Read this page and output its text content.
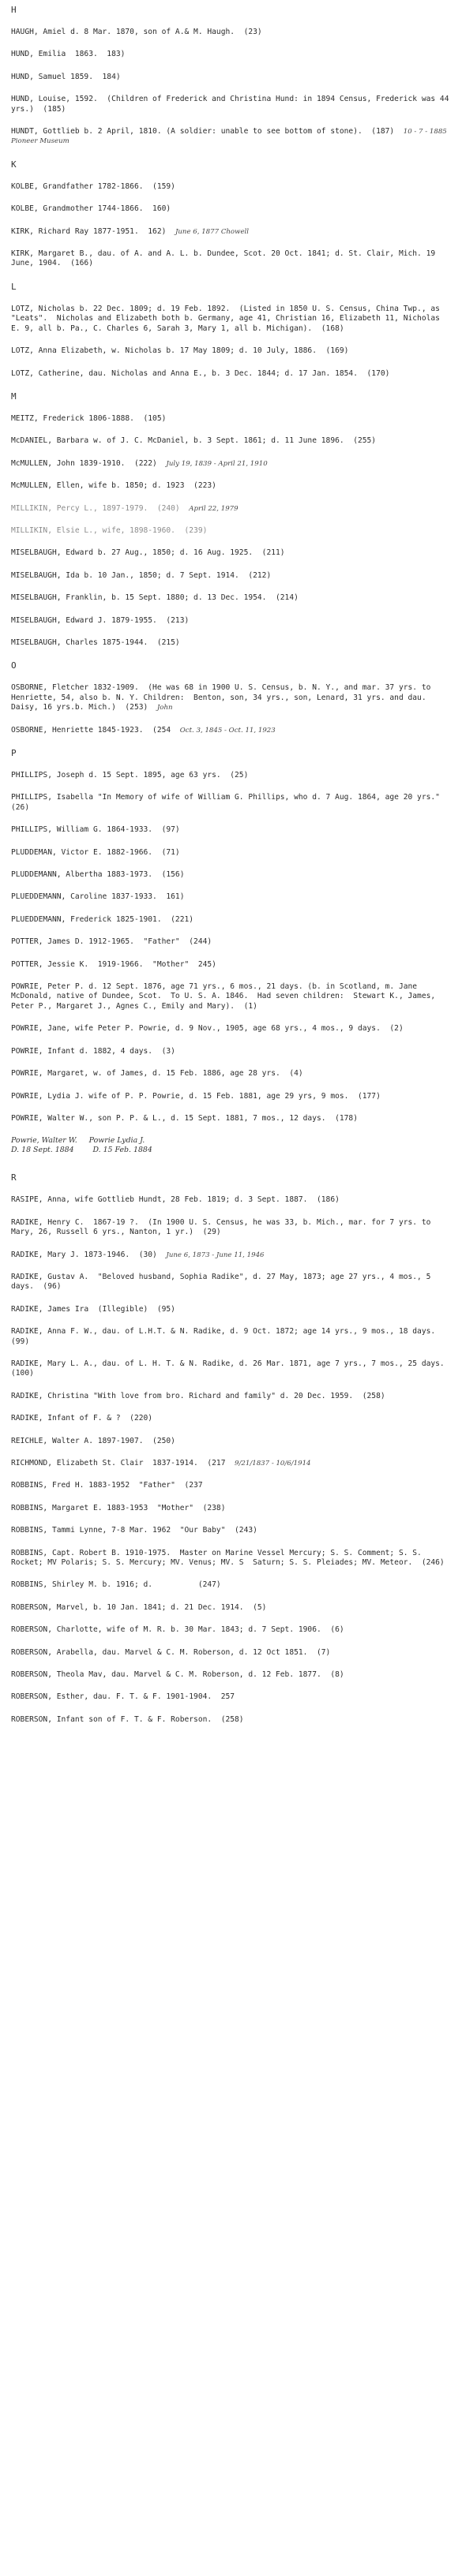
H
HAUGH, Amiel d. 8 Mar. 1870, son of A.& M. Haugh.  (23)
HUND, Emilia  1863.  183)
HUND, Samuel 1859.  184)
HUND, Louise, 1592.  (Children of Frederick and Christina Hund: in 1894 Census, Frederick was 44 yrs.)  (185)
HUNDT, Gottlieb b. 2 April, 1810. (A soldier: unable to see bottom of stone).  (187) 10 - 7 - 1885 Pioneer Museum
K
KOLBE, Grandfather 1782-1866.  (159)
KOLBE, Grandmother 1744-1866.  160)
KIRK, Richard Ray 1877-1951.  162) June 6, 1877 Chowell
KIRK, Margaret B., dau. of A. and A. L. b. Dundee, Scot. 20 Oct. 1841; d. St. Clair, Mich. 19 June, 1904.  (166)
L
LOTZ, Nicholas b. 22 Dec. 1809; d. 19 Feb. 1892.  (Listed in 1850 U. S. Census, China Twp., as "Leats".  Nicholas and Elizabeth both b. Germany, age 41, Christian 16, Elizabeth 11, Nicholas E. 9, all b. Pa., C. Charles 6, Sarah 3, Mary 1, all b. Michigan).  (168)
LOTZ, Anna Elizabeth, w. Nicholas b. 17 May 1809; d. 10 July, 1886.  (169)
LOTZ, Catherine, dau. Nicholas and Anna E., b. 3 Dec. 1844; d. 17 Jan. 1854.  (170)
M
MEITZ, Frederick 1806-1888.  (105)
McDANIEL, Barbara w. of J. C. McDaniel, b. 3 Sept. 1861; d. 11 June 1896.  (255)
McMULLEN, John 1839-1910.  (222) July 19, 1839 - April 21, 1910
McMULLEN, Ellen, wife b. 1850; d. 1923  (223)
MILLIKIN, Percy L., 1897-1979.  (240) April 22, 1979
MILLIKIN, Elsie L., wife, 1898-1960.  (239)
MISELBAUGH, Edward b. 27 Aug., 1850; d. 16 Aug. 1925.  (211)
MISELBAUGH, Ida b. 10 Jan., 1850; d. 7 Sept. 1914.  (212)
MISELBAUGH, Franklin, b. 15 Sept. 1880; d. 13 Dec. 1954.  (214)
MISELBAUGH, Edward J. 1879-1955.  (213)
MISELBAUGH, Charles 1875-1944.  (215)
O
OSBORNE, Fletcher 1832-1909.  (He was 68 in 1900 U. S. Census, b. N. Y., and mar. 37 yrs. to Henriette, 54, also b. N. Y. Children:  Benton, son, 34 yrs., son, Lenard, 31 yrs. and dau. Daisy, 16 yrs.b. Mich.)  (253) John
OSBORNE, Henriette 1845-1923.  (254 Oct. 3, 1845 - Oct. 11, 1923
P
PHILLIPS, Joseph d. 15 Sept. 1895, age 63 yrs.  (25)
PHILLIPS, Isabella "In Memory of wife of William G. Phillips, who d. 7 Aug. 1864, age 20 yrs."  (26)
PHILLIPS, William G. 1864-1933.  (97)
PLUDDEMAN, Victor E. 1882-1966.  (71)
PLUDDEMANN, Albertha 1883-1973.  (156)
PLUEDDEMANN, Caroline 1837-1933.  161)
PLUEDDEMANN, Frederick 1825-1901.  (221)
POTTER, James D. 1912-1965.  "Father"  (244)
POTTER, Jessie K.  1919-1966.  "Mother"  245)
POWRIE, Peter P. d. 12 Sept. 1876, age 71 yrs., 6 mos., 21 days. (b. in Scotland, m. Jane McDonald, native of Dundee, Scot.  To U. S. A. 1846.  Had seven children:  Stewart K., James, Peter P., Margaret J., Agnes C., Emily and Mary).  (1)
POWRIE, Jane, wife Peter P. Powrie, d. 9 Nov., 1905, age 68 yrs., 4 mos., 9 days.  (2)
POWRIE, Infant d. 1882, 4 days.  (3)
POWRIE, Margaret, w. of James, d. 15 Feb. 1886, age 28 yrs.  (4)
POWRIE, Lydia J. wife of P. P. Powrie, d. 15 Feb. 1881, age 29 yrs, 9 mos.  (177)
POWRIE, Walter W., son P. P. & L., d. 15 Sept. 1881, 7 mos., 12 days.  (178)
Powrie, Walter W.     Powrie Lydia J.
D. 18 Sept. 1884        D. 15 Feb. 1884
R
RASIPE, Anna, wife Gottlieb Hundt, 28 Feb. 1819; d. 3 Sept. 1887.  (186)
RADIKE, Henry C.  1867-19 ?.  (In 1900 U. S. Census, he was 33, b. Mich., mar. for 7 yrs. to Mary, 26, Russell 6 yrs., Nanton, 1 yr.)  (29)
RADIKE, Mary J. 1873-1946.  (30) June 6, 1873 - June 11, 1946
RADIKE, Gustav A.  "Beloved husband, Sophia Radike", d. 27 May, 1873; age 27 yrs., 4 mos., 5 days.  (96)
RADIKE, James Ira  (Illegible)  (95)
RADIKE, Anna F. W., dau. of L.H.T. & N. Radike, d. 9 Oct. 1872; age 14 yrs., 9 mos., 18 days.  (99)
RADIKE, Mary L. A., dau. of L. H. T. & N. Radike, d. 26 Mar. 1871, age 7 yrs., 7 mos., 25 days.  (100)
RADIKE, Christina "With love from bro. Richard and family" d. 20 Dec. 1959.  (258)
RADIKE, Infant of F. & ?  (220)
REICHLE, Walter A. 1897-1907.  (250)
RICHMOND, Elizabeth St. Clair  1837-1914.  (217 9/21/1837 - 10/6/1914
ROBBINS, Fred H. 1883-1952  "Father"  (237
ROBBINS, Margaret E. 1883-1953  "Mother"  (238)
ROBBINS, Tammi Lynne, 7-8 Mar. 1962  "Our Baby"  (243)
ROBBINS, Capt. Robert B. 1910-1975.  Master on Marine Vessel Mercury; S. S. Comment; S. S. Rocket; MV Polaris; S. S. Mercury; MV. Venus; MV. S  Saturn; S. S. Pleiades; MV. Meteor.  (246)
ROBBINS, Shirley M. b. 1916; d.          (247)
ROBERSON, Marvel, b. 10 Jan. 1841; d. 21 Dec. 1914.  (5)
ROBERSON, Charlotte, wife of M. R. b. 30 Mar. 1843; d. 7 Sept. 1906.  (6)
ROBERSON, Arabella, dau. Marvel & C. M. Roberson, d. 12 Oct 1851.  (7)
ROBERSON, Theola Mav, dau. Marvel & C. M. Roberson, d. 12 Feb. 1877.  (8)
ROBERSON, Esther, dau. F. T. & F. 1901-1904.  257
ROBERSON, Infant son of F. T. & F. Roberson.  (258)
